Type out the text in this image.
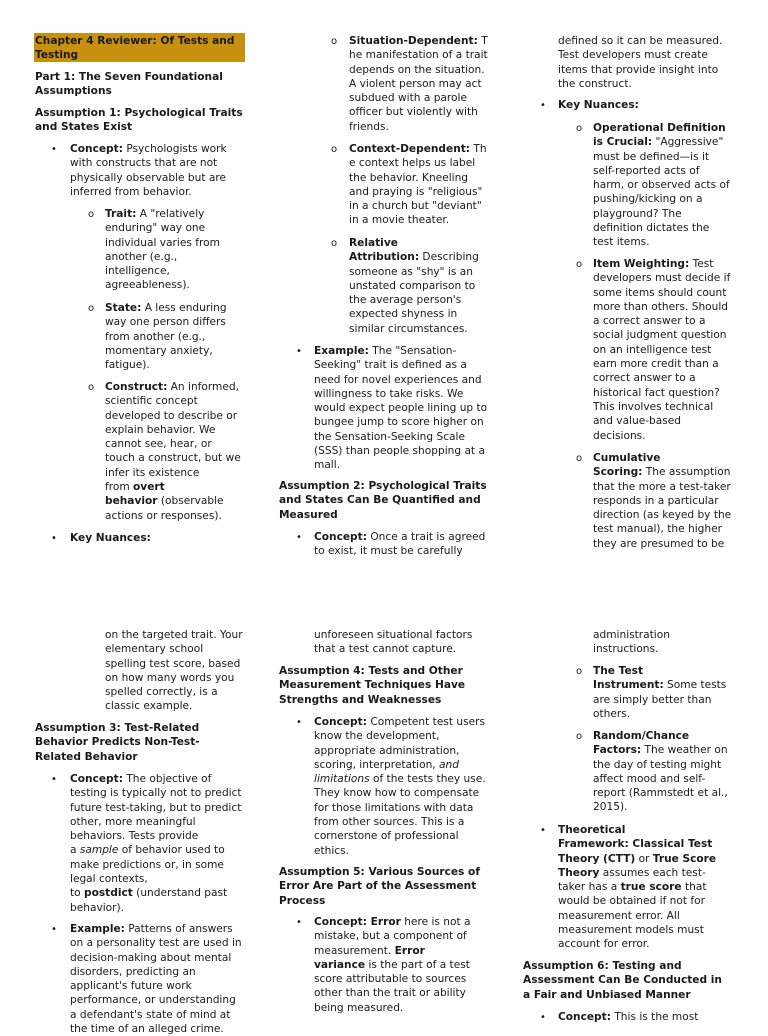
Chapter 4 Reviewer: Of Tests and
Testing
Part 1: The Seven Foundational
Assumptions
Assumption 1: Psychological Traits
and States Exist
• Concept: Psychologists work
with constructs that are not
physically observable but are
inferred from behavior.
o Trait: A "relatively
enduring" way one
individual varies from
another (e.g.,
intelligence,
agreeableness).
o State: A less enduring
way one person differs
from another (e.g.,
momentary anxiety,
fatigue).
o Construct: An informed,
scientific concept
developed to describe or
explain behavior. We
cannot see, hear, or
touch a construct, but we
infer its existence
from overt
behavior (observable
actions or responses).
• Key Nuances:
o Situation-Dependent: T
he manifestation of a trait
depends on the situation.
A violent person may act
subdued with a parole
officer but violently with
friends.
o Context-Dependent: Th
e context helps us label
the behavior. Kneeling
and praying is "religious"
in a church but "deviant"
in a movie theater.
o Relative
Attribution: Describing
someone as "shy" is an
unstated comparison to
the average person's
expected shyness in
similar circumstances.
• Example: The "Sensation-
Seeking" trait is defined as a
need for novel experiences and
willingness to take risks. We
would expect people lining up to
bungee jump to score higher on
the Sensation-Seeking Scale
(SSS) than people shopping at a
mall.
Assumption 2: Psychological Traits
and States Can Be Quantified and
Measured
• Concept: Once a trait is agreed
to exist, it must be carefully
defined so it can be measured.
Test developers must create
items that provide insight into
the construct.
• Key Nuances:
o Operational Definition
is Crucial: "Aggressive"
must be defined—is it
self-reported acts of
harm, or observed acts of
pushing/kicking on a
playground? The
definition dictates the
test items.
o Item Weighting: Test
developers must decide if
some items should count
more than others. Should
a correct answer to a
social judgment question
on an intelligence test
earn more credit than a
correct answer to a
historical fact question?
This involves technical
and value-based
decisions.
o Cumulative
Scoring: The assumption
that the more a test-taker
responds in a particular
direction (as keyed by the
test manual), the higher
they are presumed to be
on the targeted trait. Your
elementary school
spelling test score, based
on how many words you
spelled correctly, is a
classic example.
Assumption 3: Test-Related
Behavior Predicts Non-Test-
Related Behavior
• Concept: The objective of
testing is typically not to predict
future test-taking, but to predict
other, more meaningful
behaviors. Tests provide
a sample of behavior used to
make predictions or, in some
legal contexts,
to postdict (understand past
behavior).
• Example: Patterns of answers
on a personality test are used in
decision-making about mental
disorders, predicting an
applicant's future work
performance, or understanding
a defendant's state of mind at
the time of an alleged crime.
unforeseen situational factors
that a test cannot capture.
Assumption 4: Tests and Other
Measurement Techniques Have
Strengths and Weaknesses
• Concept: Competent test users
know the development,
appropriate administration,
scoring, interpretation, and
limitations of the tests they use.
They know how to compensate
for those limitations with data
from other sources. This is a
cornerstone of professional
ethics.
Assumption 5: Various Sources of
Error Are Part of the Assessment
Process
• Concept: Error here is not a
mistake, but a component of
measurement. Error
variance is the part of a test
score attributable to sources
other than the trait or ability
being measured.
administration
instructions.
o The Test
Instrument: Some tests
are simply better than
others.
o Random/Chance
Factors: The weather on
the day of testing might
affect mood and self-
report (Rammstedt et al.,
2015).
• Theoretical
Framework: Classical Test
Theory (CTT) or True Score
Theory assumes each test-
taker has a true score that
would be obtained if not for
measurement error. All
measurement models must
account for error.
Assumption 6: Testing and
Assessment Can Be Conducted in
a Fair and Unbiased Manner
• Concept: This is the most
